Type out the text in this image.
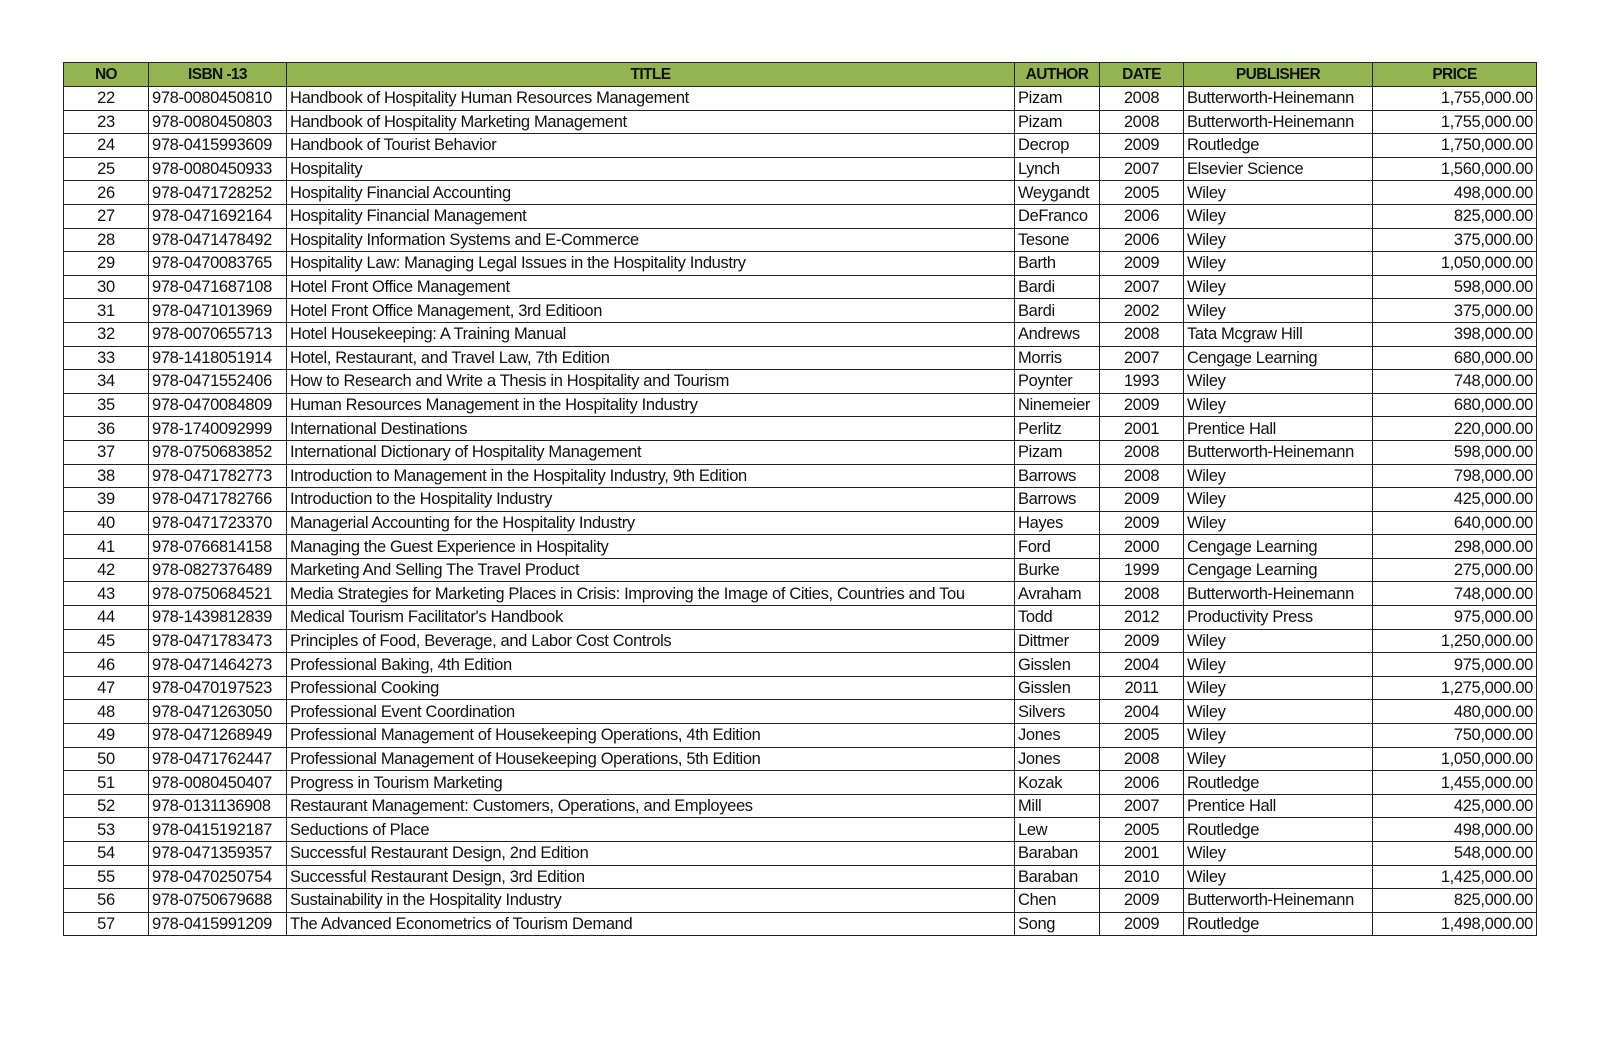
NO	ISBN -13	TITLE	AUTHOR	DATE	PUBLISHER	PRICE
22	978-0080450810	Handbook of Hospitality Human Resources Management	Pizam	2008	Butterworth-Heinemann	1,755,000.00
23	978-0080450803	Handbook of Hospitality Marketing Management	Pizam	2008	Butterworth-Heinemann	1,755,000.00
24	978-0415993609	Handbook of Tourist Behavior	Decrop	2009	Routledge	1,750,000.00
25	978-0080450933	Hospitality	Lynch	2007	Elsevier Science	1,560,000.00
26	978-0471728252	Hospitality Financial Accounting	Weygandt	2005	Wiley	498,000.00
27	978-0471692164	Hospitality Financial Management	DeFranco	2006	Wiley	825,000.00
28	978-0471478492	Hospitality Information Systems and E-Commerce	Tesone	2006	Wiley	375,000.00
29	978-0470083765	Hospitality Law: Managing Legal Issues in the Hospitality Industry	Barth	2009	Wiley	1,050,000.00
30	978-0471687108	Hotel Front Office Management	Bardi	2007	Wiley	598,000.00
31	978-0471013969	Hotel Front Office Management, 3rd Editioon	Bardi	2002	Wiley	375,000.00
32	978-0070655713	Hotel Housekeeping: A Training Manual	Andrews	2008	Tata Mcgraw Hill	398,000.00
33	978-1418051914	Hotel, Restaurant, and Travel Law, 7th Edition	Morris	2007	Cengage Learning	680,000.00
34	978-0471552406	How to Research and Write a Thesis in Hospitality and Tourism	Poynter	1993	Wiley	748,000.00
35	978-0470084809	Human Resources Management in the Hospitality Industry	Ninemeier	2009	Wiley	680,000.00
36	978-1740092999	International Destinations	Perlitz	2001	Prentice Hall	220,000.00
37	978-0750683852	International Dictionary of Hospitality Management	Pizam	2008	Butterworth-Heinemann	598,000.00
38	978-0471782773	Introduction to Management in the Hospitality Industry, 9th Edition	Barrows	2008	Wiley	798,000.00
39	978-0471782766	Introduction to the Hospitality Industry	Barrows	2009	Wiley	425,000.00
40	978-0471723370	Managerial Accounting for the Hospitality Industry	Hayes	2009	Wiley	640,000.00
41	978-0766814158	Managing the Guest Experience in Hospitality	Ford	2000	Cengage Learning	298,000.00
42	978-0827376489	Marketing And Selling The Travel Product	Burke	1999	Cengage Learning	275,000.00
43	978-0750684521	Media Strategies for Marketing Places in Crisis: Improving the Image of Cities, Countries and Tou	Avraham	2008	Butterworth-Heinemann	748,000.00
44	978-1439812839	Medical Tourism Facilitator's Handbook	Todd	2012	Productivity Press	975,000.00
45	978-0471783473	Principles of Food, Beverage, and Labor Cost Controls	Dittmer	2009	Wiley	1,250,000.00
46	978-0471464273	Professional Baking, 4th Edition	Gisslen	2004	Wiley	975,000.00
47	978-0470197523	Professional Cooking	Gisslen	2011	Wiley	1,275,000.00
48	978-0471263050	Professional Event Coordination	Silvers	2004	Wiley	480,000.00
49	978-0471268949	Professional Management of Housekeeping Operations, 4th Edition	Jones	2005	Wiley	750,000.00
50	978-0471762447	Professional Management of Housekeeping Operations, 5th Edition	Jones	2008	Wiley	1,050,000.00
51	978-0080450407	Progress in Tourism Marketing	Kozak	2006	Routledge	1,455,000.00
52	978-0131136908	Restaurant Management: Customers, Operations, and Employees	Mill	2007	Prentice Hall	425,000.00
53	978-0415192187	Seductions of Place	Lew	2005	Routledge	498,000.00
54	978-0471359357	Successful Restaurant Design, 2nd Edition	Baraban	2001	Wiley	548,000.00
55	978-0470250754	Successful Restaurant Design, 3rd Edition	Baraban	2010	Wiley	1,425,000.00
56	978-0750679688	Sustainability in the Hospitality Industry	Chen	2009	Butterworth-Heinemann	825,000.00
57	978-0415991209	The Advanced Econometrics of Tourism Demand	Song	2009	Routledge	1,498,000.00
